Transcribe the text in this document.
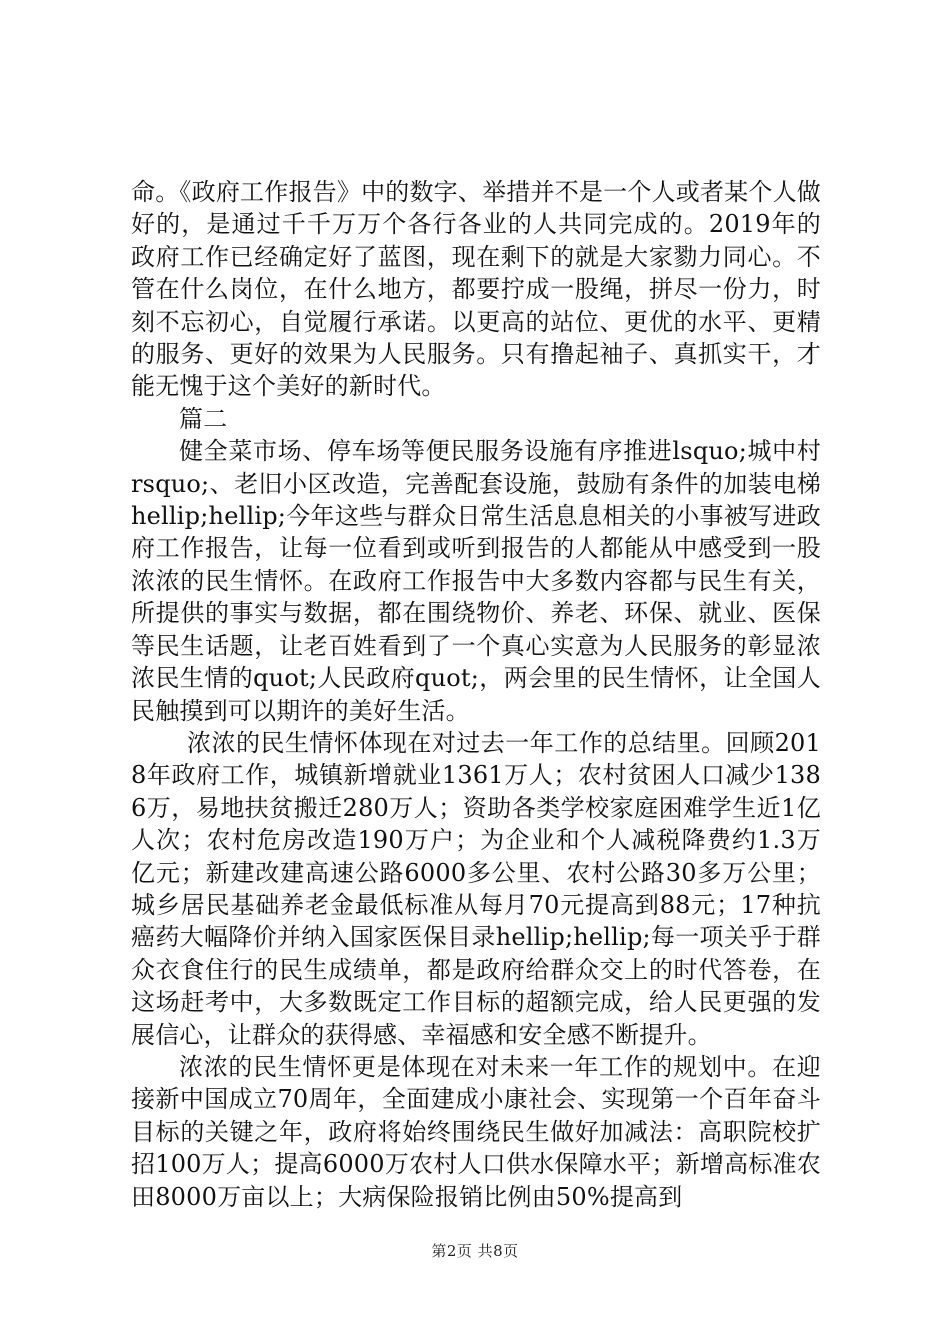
命。《政府工作报告》中的数字、举措并不是一个人或者某个人做好的，是通过千千万万个各行各业的人共同完成的。2019年的政府工作已经确定好了蓝图，现在剩下的就是大家勠力同心。不管在什么岗位，在什么地方，都要拧成一股绳，拼尽一份力，时刻不忘初心，自觉履行承诺。以更高的站位、更优的水平、更精的服务、更好的效果为人民服务。只有撸起袖子、真抓实干，才能无愧于这个美好的新时代。

篇二

健全菜市场、停车场等便民服务设施有序推进lsquo;城中村rsquo;、老旧小区改造，完善配套设施，鼓励有条件的加装电梯hellip;hellip;今年这些与群众日常生活息息相关的小事被写进政府工作报告，让每一位看到或听到报告的人都能从中感受到一股浓浓的民生情怀。在政府工作报告中大多数内容都与民生有关，所提供的事实与数据，都在围绕物价、养老、环保、就业、医保等民生话题，让老百姓看到了一个真心实意为人民服务的彰显浓浓民生情的quot;人民政府quot;，两会里的民生情怀，让全国人民触摸到可以期许的美好生活。

浓浓的民生情怀体现在对过去一年工作的总结里。回顾2018年政府工作，城镇新增就业1361万人；农村贫困人口减少1386万，易地扶贫搬迁280万人；资助各类学校家庭困难学生近1亿人次；农村危房改造190万户；为企业和个人减税降费约1.3万亿元；新建改建高速公路6000多公里、农村公路30多万公里；城乡居民基础养老金最低标准从每月70元提高到88元；17种抗癌药大幅降价并纳入国家医保目录hellip;hellip;每一项关乎于群众衣食住行的民生成绩单，都是政府给群众交上的时代答卷，在这场赶考中，大多数既定工作目标的超额完成，给人民更强的发展信心，让群众的获得感、幸福感和安全感不断提升。

浓浓的民生情怀更是体现在对未来一年工作的规划中。在迎接新中国成立70周年，全面建成小康社会、实现第一个百年奋斗目标的关键之年，政府将始终围绕民生做好加减法：高职院校扩招100万人；提高6000万农村人口供水保障水平；新增高标准农田8000万亩以上；大病保险报销比例由50%提高到

第2页 共8页
